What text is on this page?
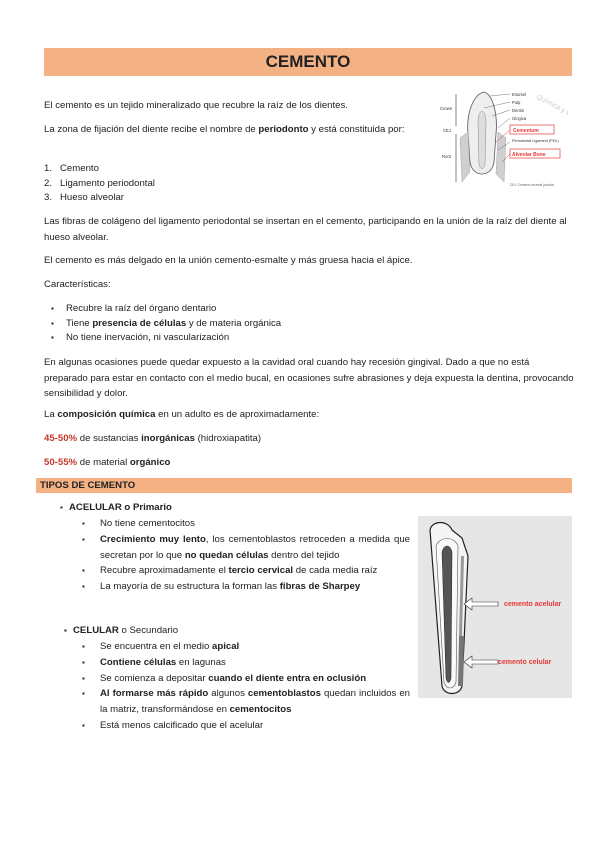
CEMENTO
El cemento es un tejido mineralizado que recubre la raíz de los dientes.
La zona de fijación del diente recibe el nombre de periodonto y está constituida por:
1. Cemento
2. Ligamento periodontal
3. Hueso alveolar
Crown
CEJ
Root
Enamel
Pulp
Dentin
Gingiva
Cementum
Periodontal Ligament (PDL)
Alveolar Bone
CEJ: Cemento-enamel junction
Las fibras de colágeno del ligamento periodontal se insertan en el cemento, participando en la unión de la raíz del diente al hueso alveolar.
El cemento es más delgado en la unión cemento-esmalte y más gruesa hacia el ápice.
Características:
▪ Recubre la raíz del órgano dentario
▪ Tiene presencia de células y de materia orgánica
▪ No tiene inervación, ni vascularización
En algunas ocasiones puede quedar expuesto a la cavidad oral cuando hay recesión gingival. Dado a que no está preparado para estar en contacto con el medio bucal, en ocasiones sufre abrasiones y deja expuesta la dentina, provocando sensibilidad y dolor.
La composición química en un adulto es de aproximadamente:
45-50% de sustancias inorgánicas (hidroxiapatita)
50-55% de material orgánico
TIPOS DE CEMENTO
▪ ACELULAR o Primario
▪ No tiene cementocitos
▪ Crecimiento muy lento, los cementoblastos retroceden a medida que secretan por lo que no quedan células dentro del tejido
▪ Recubre aproximadamente el tercio cervical de cada media raíz
▪ La mayoría de su estructura la forman las fibras de Sharpey
▪ CELULAR o Secundario
▪ Se encuentra en el medio apical
▪ Contiene células en lagunas
▪ Se comienza a depositar cuando el diente entra en oclusión
▪ Al formarse más rápido algunos cementoblastos quedan incluidos en la matriz, transformándose en cementocitos
▪ Está menos calcificado que el acelular
cemento acelular
cemento celular
